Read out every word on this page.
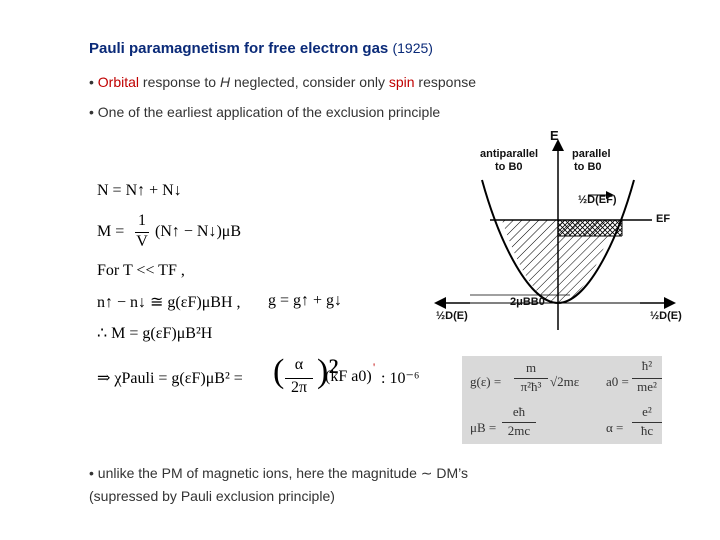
Pauli paramagnetism for free electron gas (1925)
• Orbital response to H neglected, consider only spin response
• One of the earliest application of the exclusion principle
N = N↑ + N↓
M =
1
V
(N↑ − N↓)μB
For T << TF ,
n↑ − n↓ ≅ g(εF)μBH , g = g↑ + g↓
∴ M = g(εF)μB²H
⇒ χPauli = g(εF)μB² = ( α
2π )²
(kF a0)
'
: 10⁻⁶	g(ε) =
m
π²ħ³ √2mε a0 =
ħ²
me²
μB =
eħ
2mc	α =
e²
ħc
E
antiparallel
to B0
parallel
to B0
½D(EF)
EF
2μBB0
½D(E)	½D(E)
• unlike the PM of magnetic ions, here the magnitude ∼ DM’s
(supressed by Pauli exclusion principle)
